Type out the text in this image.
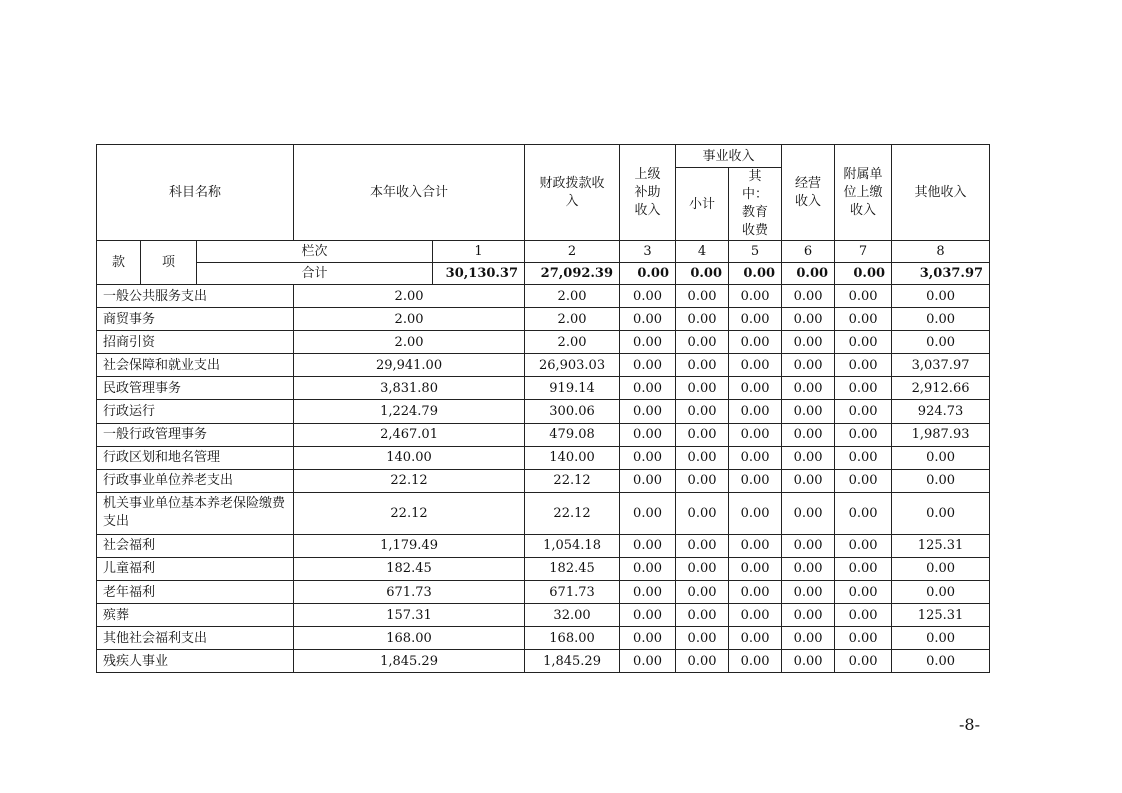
科目名称			本年收入合计		财政拨款收入	上级补助收入	事业收入		经营收入	附属单位上缴收入	其他收入
							小计	其中：教育收费			
款	项	栏次		1	2	3	4	5	6	7	8
		合计		30,130.37	27,092.39	0.00	0.00	0.00	0.00	0.00	3,037.97
一般公共服务支出			2.00		2.00	0.00	0.00	0.00	0.00	0.00	0.00
商贸事务			2.00		2.00	0.00	0.00	0.00	0.00	0.00	0.00
招商引资			2.00		2.00	0.00	0.00	0.00	0.00	0.00	0.00
社会保障和就业支出			29,941.00		26,903.03	0.00	0.00	0.00	0.00	0.00	3,037.97
民政管理事务			3,831.80		919.14	0.00	0.00	0.00	0.00	0.00	2,912.66
行政运行			1,224.79		300.06	0.00	0.00	0.00	0.00	0.00	924.73
一般行政管理事务			2,467.01		479.08	0.00	0.00	0.00	0.00	0.00	1,987.93
行政区划和地名管理			140.00		140.00	0.00	0.00	0.00	0.00	0.00	0.00
行政事业单位养老支出			22.12		22.12	0.00	0.00	0.00	0.00	0.00	0.00
机关事业单位基本养老保险缴费支出			22.12		22.12	0.00	0.00	0.00	0.00	0.00	0.00
社会福利			1,179.49		1,054.18	0.00	0.00	0.00	0.00	0.00	125.31
儿童福利			182.45		182.45	0.00	0.00	0.00	0.00	0.00	0.00
老年福利			671.73		671.73	0.00	0.00	0.00	0.00	0.00	0.00
殡葬			157.31		32.00	0.00	0.00	0.00	0.00	0.00	125.31
其他社会福利支出			168.00		168.00	0.00	0.00	0.00	0.00	0.00	0.00
残疾人事业			1,845.29		1,845.29	0.00	0.00	0.00	0.00	0.00	0.00
-8-
